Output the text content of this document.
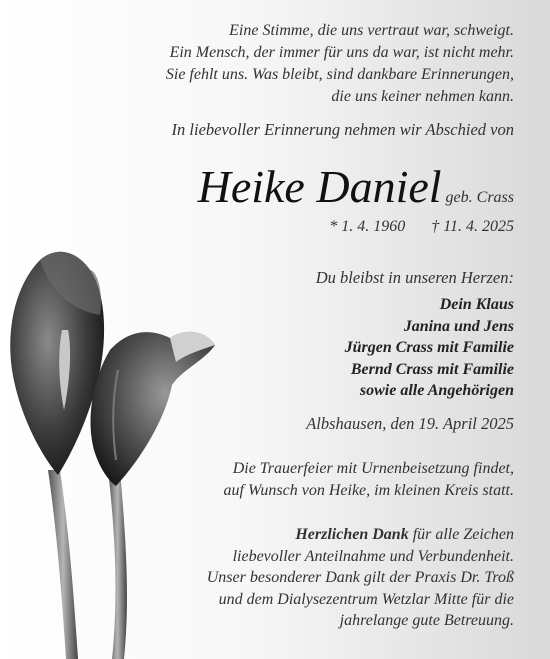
Eine Stimme, die uns vertraut war, schweigt.
Ein Mensch, der immer für uns da war, ist nicht mehr.
Sie fehlt uns. Was bleibt, sind dankbare Erinnerungen,
die uns keiner nehmen kann.
In liebevoller Erinnerung nehmen wir Abschied von
Heike Daniel geb. Crass
* 1. 4. 1960 † 11. 4. 2025
Du bleibst in unseren Herzen:
Dein Klaus
Janina und Jens
Jürgen Crass mit Familie
Bernd Crass mit Familie
sowie alle Angehörigen
Albshausen, den 19. April 2025
Die Trauerfeier mit Urnenbeisetzung findet,
auf Wunsch von Heike, im kleinen Kreis statt.
Herzlichen Dank für alle Zeichen
liebevoller Anteilnahme und Verbundenheit.
Unser besonderer Dank gilt der Praxis Dr. Troß
und dem Dialysezentrum Wetzlar Mitte für die
jahrelange gute Betreuung.
